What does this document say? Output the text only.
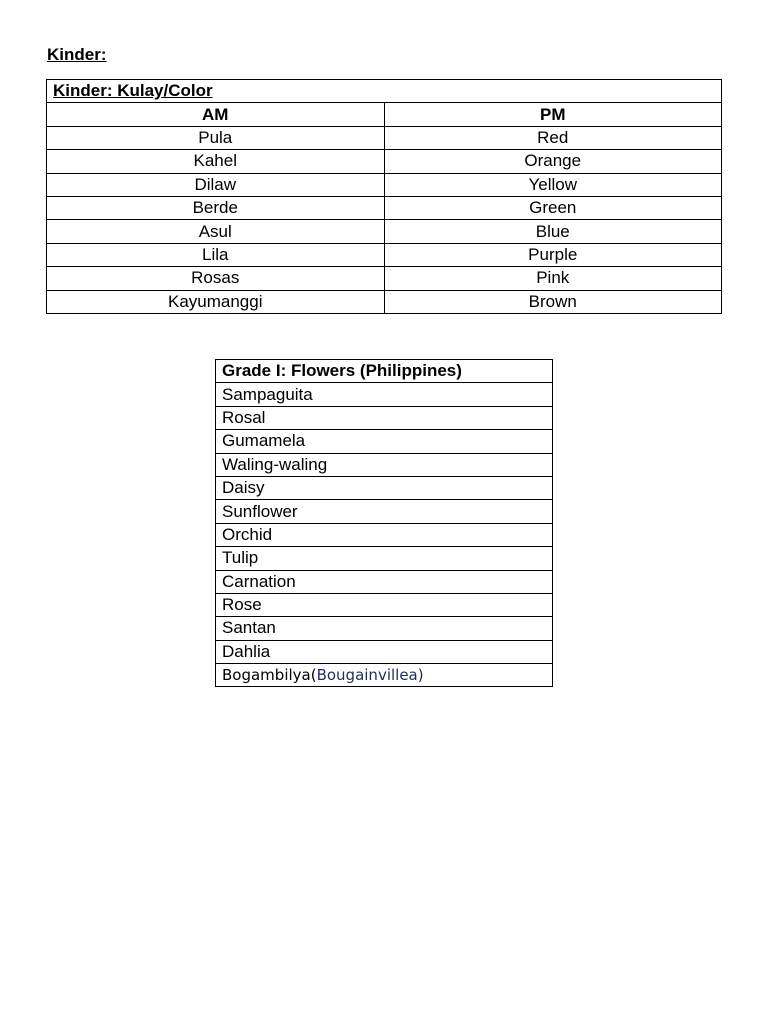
Kinder:
Kinder: Kulay/Color	
AM	PM
Pula	Red
Kahel	Orange
Dilaw	Yellow
Berde	Green
Asul	Blue
Lila	Purple
Rosas	Pink
Kayumanggi	Brown
Grade I: Flowers (Philippines)
Sampaguita
Rosal
Gumamela
Waling-waling
Daisy
Sunflower
Orchid
Tulip
Carnation
Rose
Santan
Dahlia
Bogambilya(Bougainvillea)
